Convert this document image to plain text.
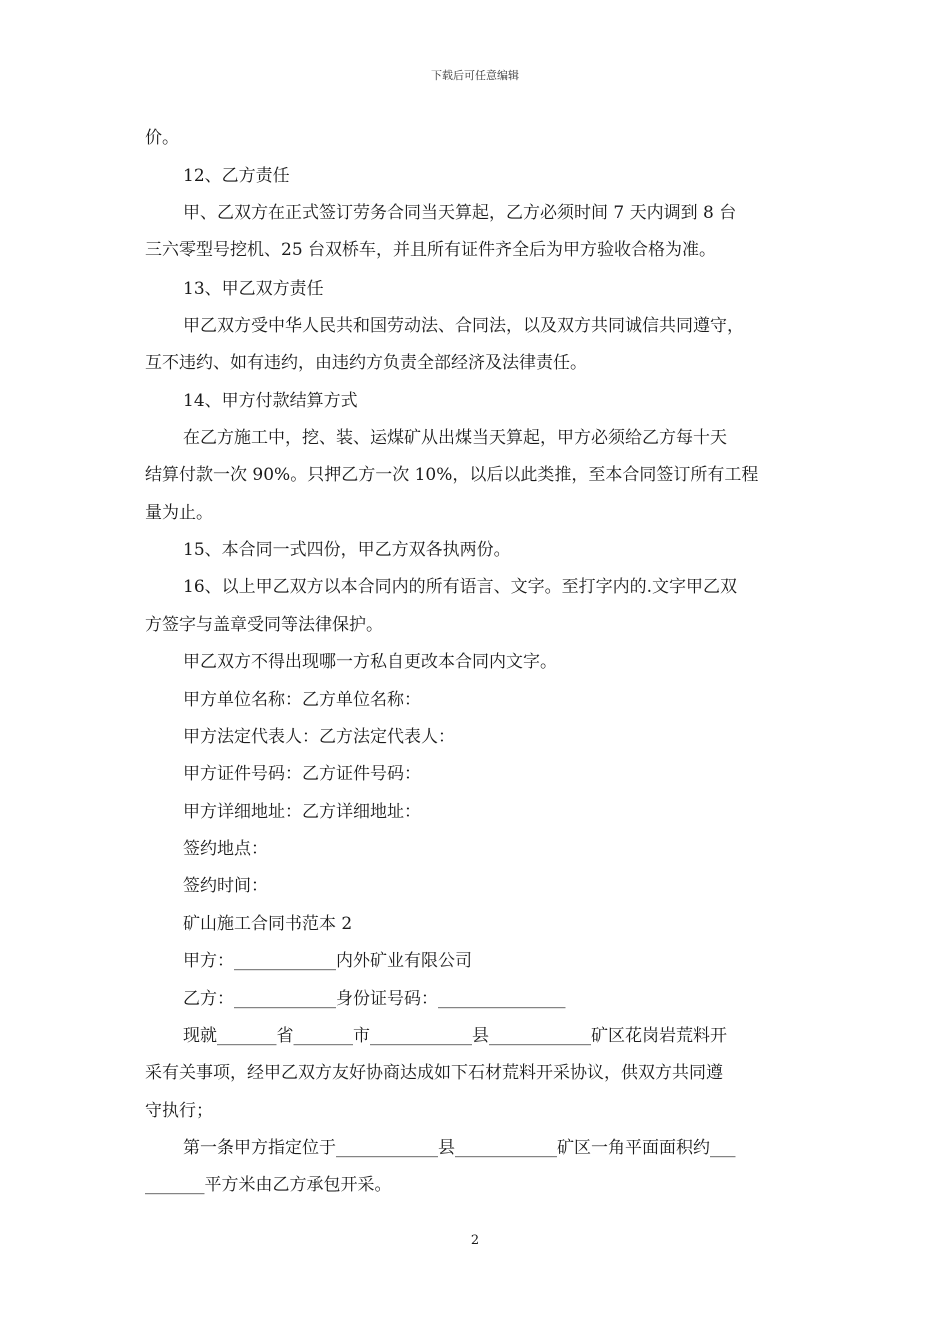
下载后可任意编辑
价。
12、乙方责任
甲、乙双方在正式签订劳务合同当天算起，乙方必须时间 7 天内调到 8 台
三六零型号挖机、25 台双桥车，并且所有证件齐全后为甲方验收合格为准。
13、甲乙双方责任
甲乙双方受中华人民共和国劳动法、合同法，以及双方共同诚信共同遵守，
互不违约、如有违约，由违约方负责全部经济及法律责任。
14、甲方付款结算方式
在乙方施工中，挖、装、运煤矿从出煤当天算起，甲方必须给乙方每十天
结算付款一次 90%。只押乙方一次 10%，以后以此类推，至本合同签订所有工程
量为止。
15、本合同一式四份，甲乙方双各执两份。
16、以上甲乙双方以本合同内的所有语言、文字。至打字内的.文字甲乙双
方签字与盖章受同等法律保护。
甲乙双方不得出现哪一方私自更改本合同内文字。
甲方单位名称：乙方单位名称：
甲方法定代表人：乙方法定代表人：
甲方证件号码：乙方证件号码：
甲方详细地址：乙方详细地址：
签约地点：
签约时间：
矿山施工合同书范本 2
甲方：____________内外矿业有限公司
乙方：____________身份证号码：_______________
现就_______省_______市____________县____________矿区花岗岩荒料开
采有关事项，经甲乙双方友好协商达成如下石材荒料开采协议，供双方共同遵
守执行；
第一条甲方指定位于____________县____________矿区一角平面面积约___
_______平方米由乙方承包开采。
2
